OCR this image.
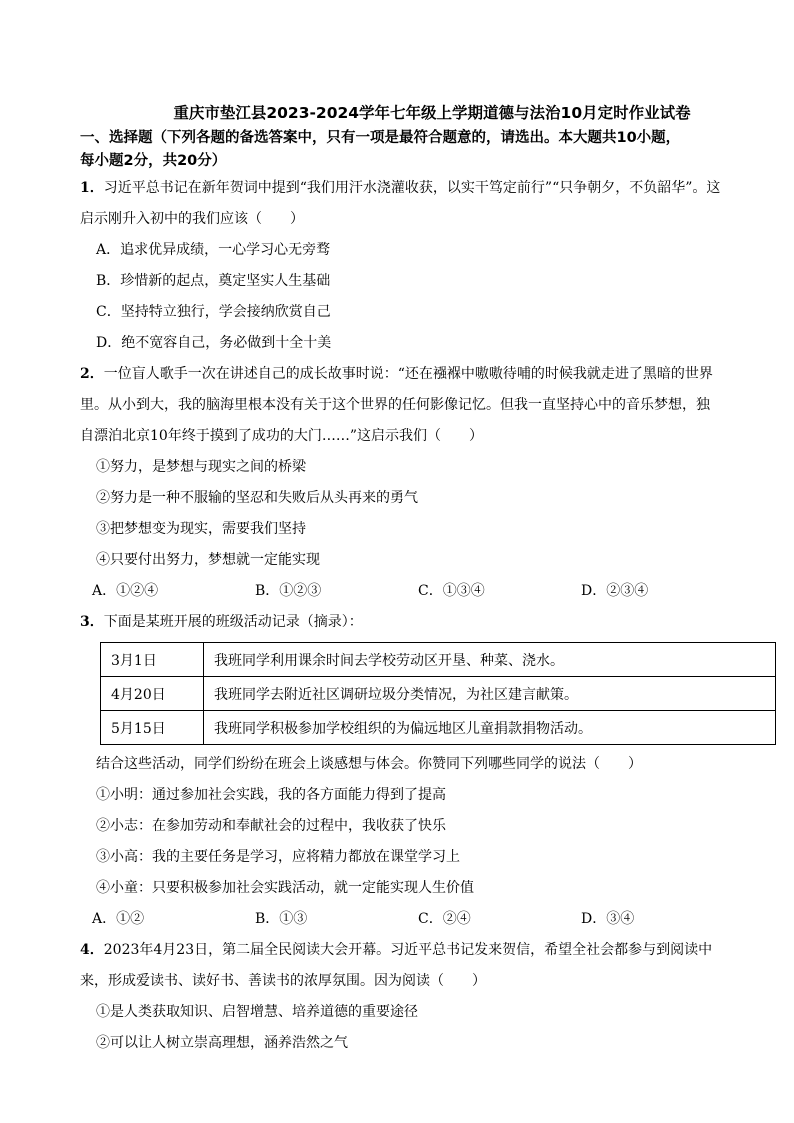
重庆市垫江县2023-2024学年七年级上学期道德与法治10月定时作业试卷
一、选择题（下列各题的备选答案中，只有一项是最符合题意的，请选出。本大题共10小题，
每小题2分，共20分）
1．习近平总书记在新年贺词中提到“我们用汗水浇灌收获，以实干笃定前行”“只争朝夕，不负韶华”。这
启示刚升入初中的我们应该（　　）
A．追求优异成绩，一心学习心无旁骛
B．珍惜新的起点，奠定坚实人生基础
C．坚持特立独行，学会接纳欣赏自己
D．绝不宽容自己，务必做到十全十美
2．一位盲人歌手一次在讲述自己的成长故事时说：“还在襁褓中嗷嗷待哺的时候我就走进了黑暗的世界
里。从小到大，我的脑海里根本没有关于这个世界的任何影像记忆。但我一直坚持心中的音乐梦想，独
自漂泊北京10年终于摸到了成功的大门……”这启示我们（　　）
①努力，是梦想与现实之间的桥梁
②努力是一种不服输的坚忍和失败后从头再来的勇气
③把梦想变为现实，需要我们坚持
④只要付出努力，梦想就一定能实现
A．①②④	B．①②③	C．①③④	D．②③④
3．下面是某班开展的班级活动记录（摘录）：
3月1日	我班同学利用课余时间去学校劳动区开垦、种菜、浇水。
4月20日	我班同学去附近社区调研垃圾分类情况，为社区建言献策。
5月15日	我班同学积极参加学校组织的为偏远地区儿童捐款捐物活动。
结合这些活动，同学们纷纷在班会上谈感想与体会。你赞同下列哪些同学的说法（　　）
①小明：通过参加社会实践，我的各方面能力得到了提高
②小志：在参加劳动和奉献社会的过程中，我收获了快乐
③小高：我的主要任务是学习，应将精力都放在课堂学习上
④小童：只要积极参加社会实践活动，就一定能实现人生价值
A．①②	B．①③	C．②④	D．③④
4．2023年4月23日，第二届全民阅读大会开幕。习近平总书记发来贺信，希望全社会都参与到阅读中
来，形成爱读书、读好书、善读书的浓厚氛围。因为阅读（　　）
①是人类获取知识、启智增慧、培养道德的重要途径
②可以让人树立崇高理想，涵养浩然之气
